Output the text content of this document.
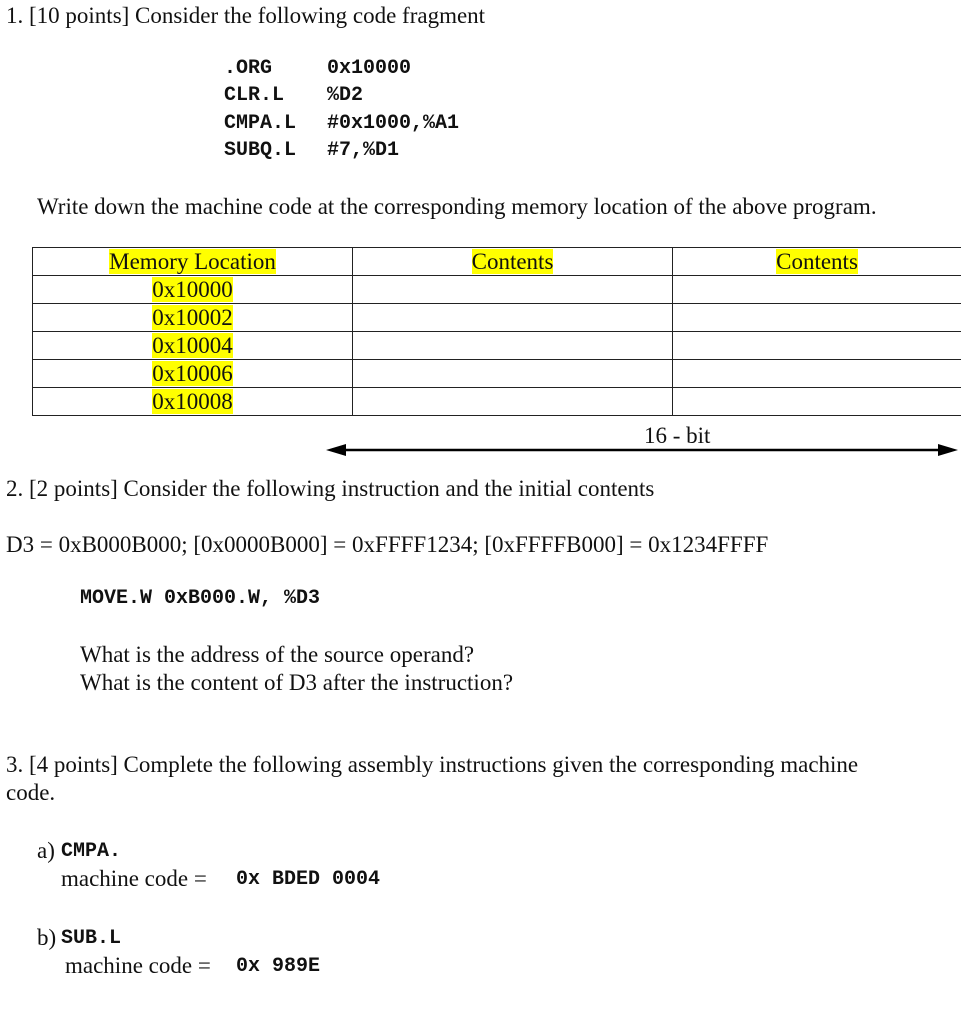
1. [10 points] Consider the following code fragment
.ORG	0x10000
CLR.L %D2
CMPA.L #0x1000,%A1
SUBQ.L #7,%D1
Write down the machine code at the corresponding memory location of the above program.
Memory Location	Contents	Contents
0x10000		
0x10002		
0x10004		
0x10006		
0x10008		
16 - bit
2. [2 points] Consider the following instruction and the initial contents
D3 = 0xB000B000; [0x0000B000] = 0xFFFF1234; [0xFFFFB000] = 0x1234FFFF
MOVE.W 0xB000.W, %D3
What is the address of the source operand?
What is the content of D3 after the instruction?
3. [4 points] Complete the following assembly instructions given the corresponding machine
code.
a) CMPA.
machine code = 0x BDED 0004
b) SUB.L
machine code = 0x 989E
